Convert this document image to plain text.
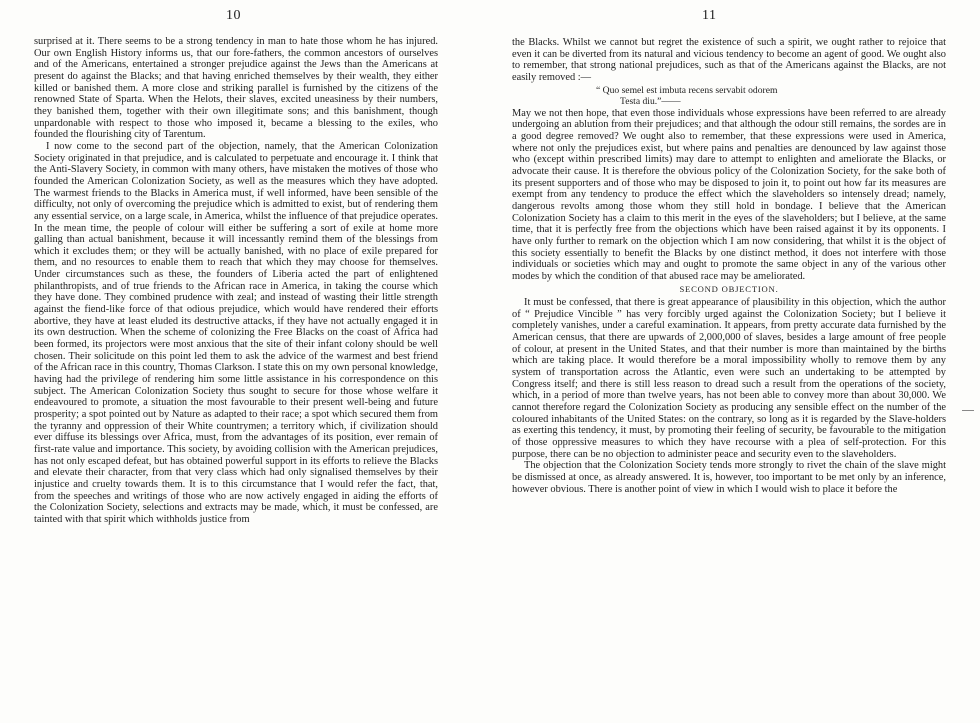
10

surprised at it. There seems to be a strong tendency in man to hate those whom he has injured. Our own English History informs us, that our fore-fathers, the common ancestors of ourselves and of the Americans, entertained a stronger prejudice against the Jews than the Americans at present do against the Blacks; and that having enriched themselves by their wealth, they either killed or banished them. A more close and striking parallel is furnished by the citizens of the renowned State of Sparta. When the Helots, their slaves, excited uneasiness by their numbers, they banished them, together with their own illegitimate sons; and this banishment, though unpardonable with respect to those who imposed it, became a blessing to the exiles, who founded the flourishing city of Tarentum.

I now come to the second part of the objection, namely, that the American Colonization Society originated in that prejudice, and is calculated to perpetuate and encourage it. I think that the Anti-Slavery Society, in common with many others, have mistaken the motives of those who founded the American Colonization Society, as well as the measures which they have adopted. The warmest friends to the Blacks in America must, if well informed, have been sensible of the difficulty, not only of overcoming the prejudice which is admitted to exist, but of rendering them any essential service, on a large scale, in America, whilst the influence of that prejudice operates. In the mean time, the people of colour will either be suffering a sort of exile at home more galling than actual banishment, because it will incessantly remind them of the blessings from which it excludes them; or they will be actually banished, with no place of exile prepared for them, and no resources to enable them to reach that which they may choose for themselves. Under circumstances such as these, the founders of Liberia acted the part of enlightened philanthropists, and of true friends to the African race in America, in taking the course which they have done. They combined prudence with zeal; and instead of wasting their little strength against the fiend-like force of that odious prejudice, which would have rendered their efforts abortive, they have at least eluded its destructive attacks, if they have not actually engaged it in its own destruction. When the scheme of colonizing the Free Blacks on the coast of Africa had been formed, its projectors were most anxious that the site of their infant colony should be well chosen. Their solicitude on this point led them to ask the advice of the warmest and best friend of the African race in this country, Thomas Clarkson. I state this on my own personal knowledge, having had the privilege of rendering him some little assistance in his correspondence on this subject. The American Colonization Society thus sought to secure for those whose welfare it endeavoured to promote, a situation the most favourable to their present well-being and future prosperity; a spot pointed out by Nature as adapted to their race; a spot which secured them from the tyranny and oppression of their White countrymen; a territory which, if civilization should ever diffuse its blessings over Africa, must, from the advantages of its position, ever remain of first-rate value and importance. This society, by avoiding collision with the American prejudices, has not only escaped defeat, but has obtained powerful support in its efforts to relieve the Blacks and elevate their character, from that very class which had only signalised themselves by their injustice and cruelty towards them. It is to this circumstance that I would refer the fact, that, from the speeches and writings of those who are now actively engaged in aiding the efforts of the Colonization Society, selections and extracts may be made, which, it must be confessed, are tainted with that spirit which withholds justice from

11

the Blacks. Whilst we cannot but regret the existence of such a spirit, we ought rather to rejoice that even it can be diverted from its natural and vicious tendency to become an agent of good. We ought also to remember, that strong national prejudices, such as that of the Americans against the Blacks, are not easily removed :—

“ Quo semel est imbuta recens servabit odorem
Testa diu.”——

May we not then hope, that even those individuals whose expressions have been referred to are already undergoing an ablution from their prejudices; and that although the odour still remains, the sordes are in a good degree removed? We ought also to remember, that these expressions were used in America, where not only the prejudices exist, but where pains and penalties are denounced by law against those who (except within prescribed limits) may dare to attempt to enlighten and ameliorate the Blacks, or advocate their cause. It is therefore the obvious policy of the Colonization Society, for the sake both of its present supporters and of those who may be disposed to join it, to point out how far its measures are exempt from any tendency to produce the effect which the slaveholders so intensely dread; namely, dangerous revolts among those whom they still hold in bondage. I believe that the American Colonization Society has a claim to this merit in the eyes of the slaveholders; but I believe, at the same time, that it is perfectly free from the objections which have been raised against it by its opponents. I have only further to remark on the objection which I am now considering, that whilst it is the object of this society essentially to benefit the Blacks by one distinct method, it does not interfere with those individuals or societies which may and ought to promote the same object in any of the various other modes by which the condition of that abused race may be ameliorated.

SECOND OBJECTION.

It must be confessed, that there is great appearance of plausibility in this objection, which the author of “ Prejudice Vincible ” has very forcibly urged against the Colonization Society; but I believe it completely vanishes, under a careful examination. It appears, from pretty accurate data furnished by the American census, that there are upwards of 2,000,000 of slaves, besides a large amount of free people of colour, at present in the United States, and that their number is more than maintained by the births which are taking place. It would therefore be a moral impossibility wholly to remove them by any system of transportation across the Atlantic, even were such an undertaking to be attempted by Congress itself; and there is still less reason to dread such a result from the operations of the society, which, in a period of more than twelve years, has not been able to convey more than about 30,000. We cannot therefore regard the Colonization Society as producing any sensible effect on the number of the coloured inhabitants of the United States: on the contrary, so long as it is regarded by the Slave-holders as exerting this tendency, it must, by promoting their feeling of security, be favourable to the mitigation of those oppressive measures to which they have recourse with a plea of self-protection. For this purpose, there can be no objection to administer peace and security even to the slaveholders.

The objection that the Colonization Society tends more strongly to rivet the chain of the slave might be dismissed at once, as already answered. It is, however, too important to be met only by an inference, however obvious. There is another point of view in which I would wish to place it before the
